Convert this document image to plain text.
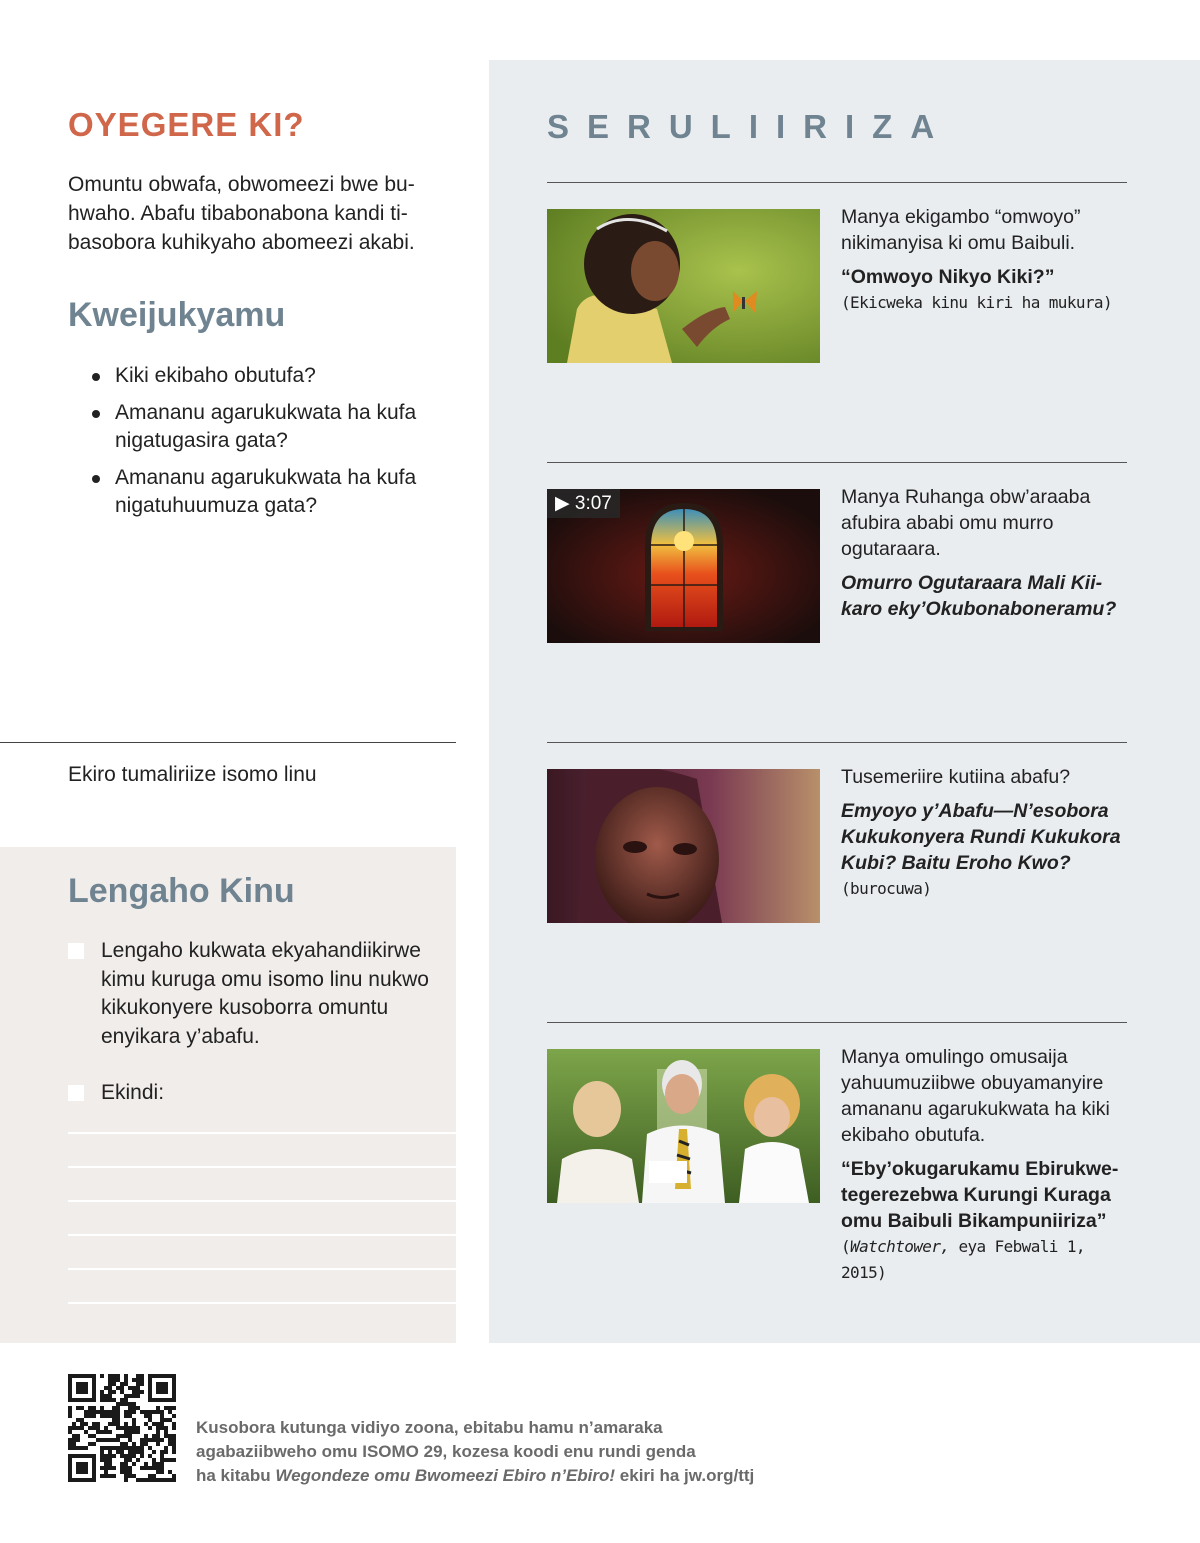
OYEGERE KI?

Omuntu obwafa, obwomeezi bwe buhwaho. Abafu tibabonabona kandi tibasobora kuhikyaho abomeezi akabi.

Kweijukyamu
Kiki ekibaho obutufa?
Amananu agarukukwata ha kufa nigatugasira gata?
Amananu agarukukwata ha kufa nigatuhuumuza gata?

Ekiro tumaliriize isomo linu

Lengaho Kinu
Lengaho kukwata ekyahandiikirwe kimu kuruga omu isomo linu nukwo kikukonyere kusoborra omuntu enyikara y’abafu.
Ekindi:
SERULIIRIZA

Manya ekigambo “omwoyo” nikimanyisa ki omu Baibuli.

“Omwoyo Nikyo Kiki?”

(Ekicweka kinu kiri ha mukura)

▶ 3:07	Manya Ruhanga obw’araaba afubira ababi omu murro ogutaraara.

Omurro Ogutaraara Mali Kiikaro eky’Okubonaboneramu?

Tusemeriire kutiina abafu?

Emyoyo y’Abafu—N’esobora Kukukonyera Rundi Kukukora Kubi? Baitu Eroho Kwo?

(burocuwa)

Manya omulingo omusaija yahuumuziibwe obuyamanyire amananu agarukukwata ha kiki ekibaho obutufa.

“Eby’okugarukamu Ebirukwetegerezebwa Kurungi Kuraga omu Baibuli Bikampuniiriza”

(Watchtower, eya Febwali 1, 2015)

Kusobora kutunga vidiyo zoona, ebitabu hamu n’amaraka
agabaziibweho omu ISOMO 29, kozesa koodi enu rundi genda
ha kitabu Wegondeze omu Bwomeezi Ebiro n’Ebiro! ekiri ha jw.org/ttj
